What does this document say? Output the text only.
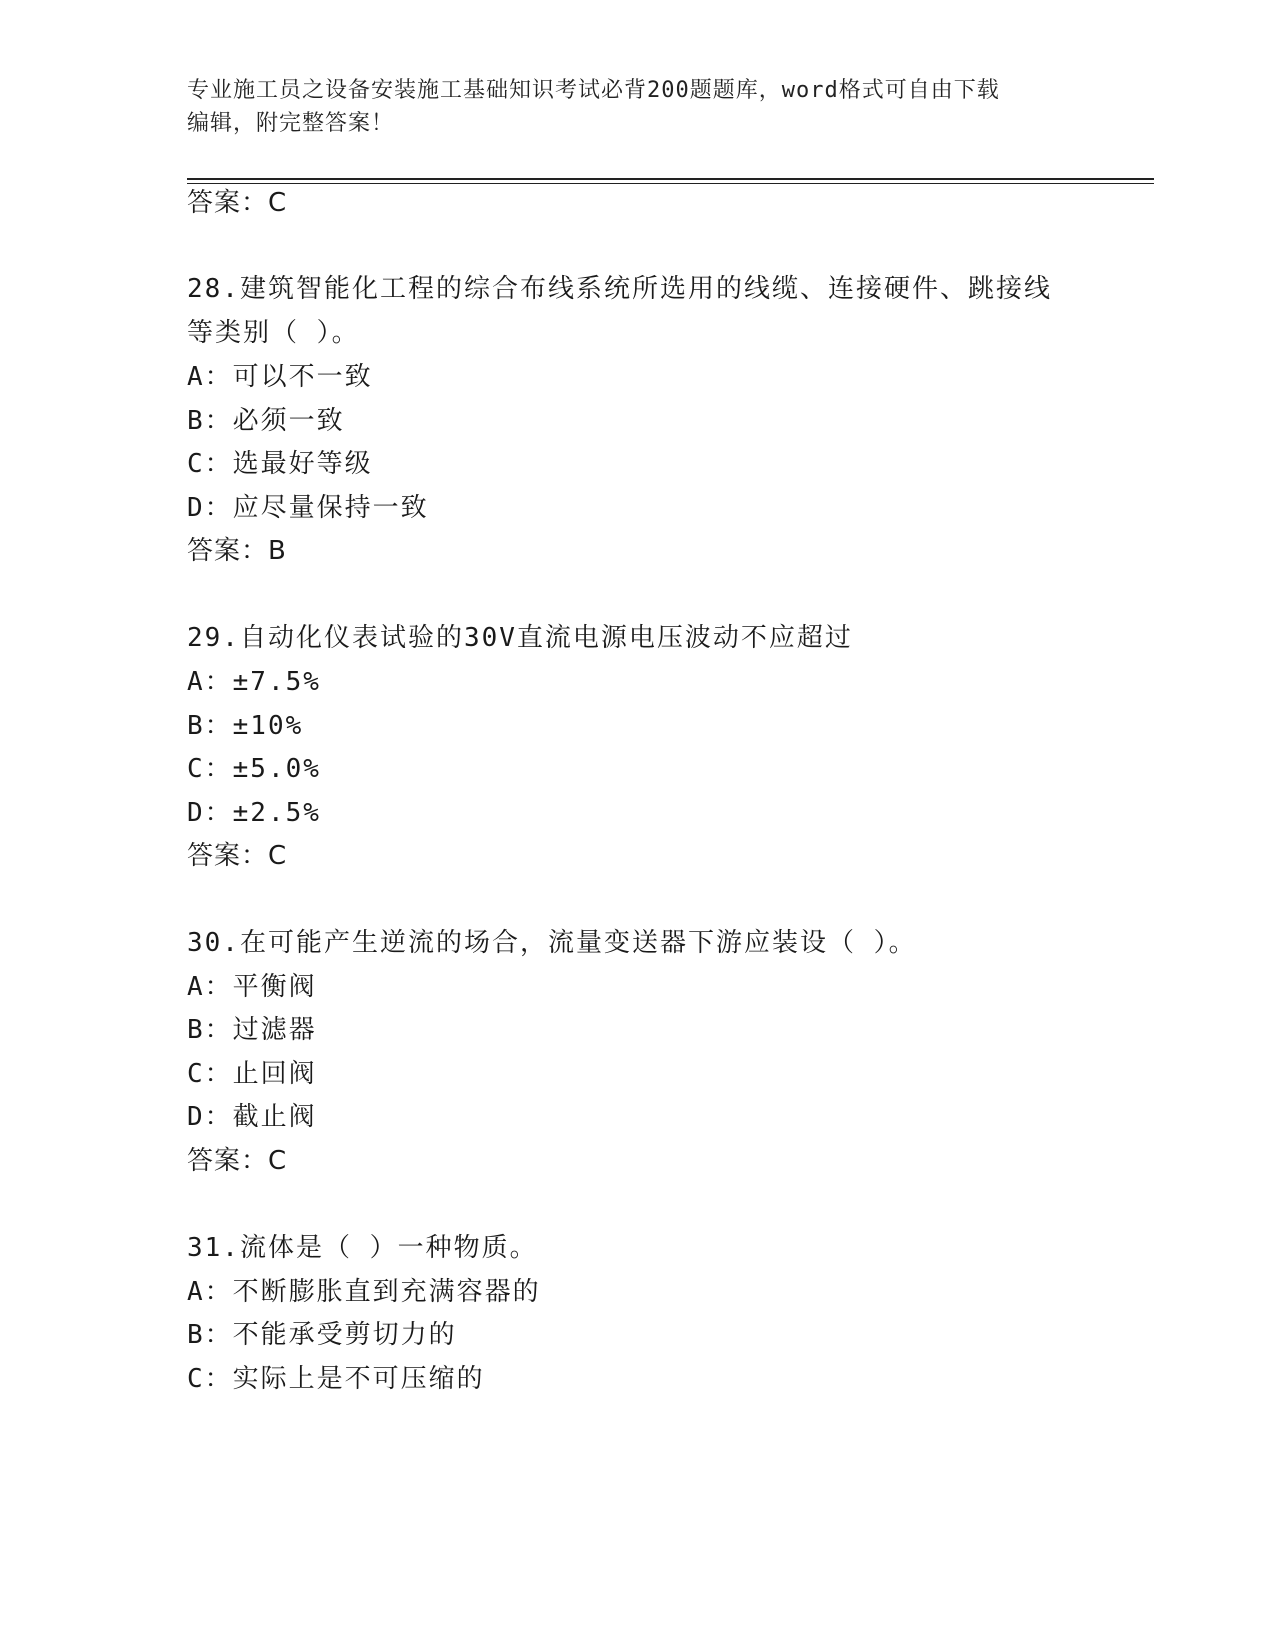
专业施工员之设备安装施工基础知识考试必背200题题库，word格式可自由下载
编辑，附完整答案！
答案：C
28.建筑智能化工程的综合布线系统所选用的线缆、连接硬件、跳接线
等类别（ ）。
A：可以不一致
B：必须一致
C：选最好等级
D：应尽量保持一致
答案：B
29.自动化仪表试验的30V直流电源电压波动不应超过
A：±7.5%
B：±10%
C：±5.0%
D：±2.5%
答案：C
30.在可能产生逆流的场合，流量变送器下游应装设（ ）。
A：平衡阀
B：过滤器
C：止回阀
D：截止阀
答案：C
31.流体是（ ）一种物质。
A：不断膨胀直到充满容器的
B：不能承受剪切力的
C：实际上是不可压缩的
